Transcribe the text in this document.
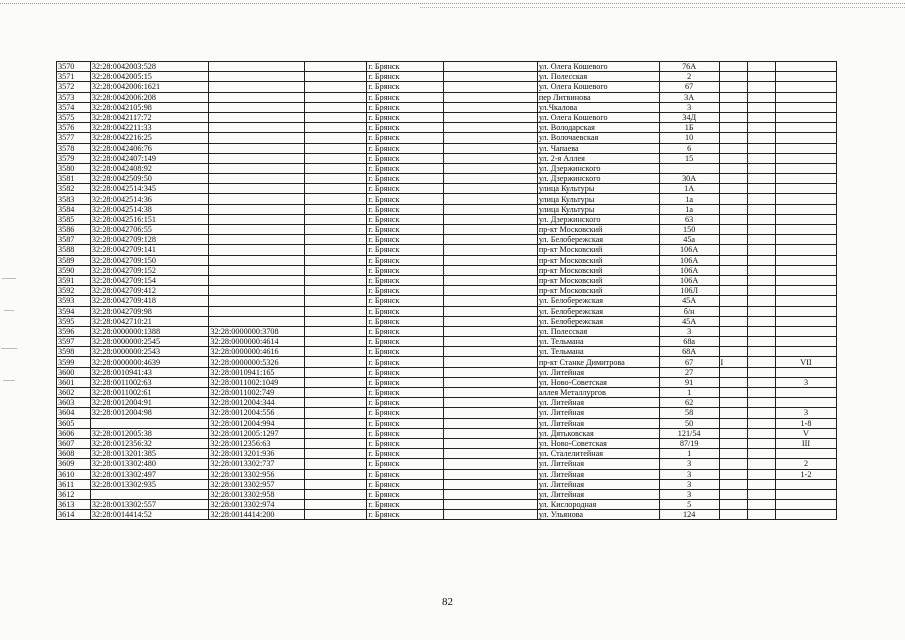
3570	32:28:0042003:528			г. Брянск		ул. Олега Кошевого	76А			
3571	32:28:0042005:15			г. Брянск		ул. Полесская	2			
3572	32:28:0042006:1621			г. Брянск		ул. Олега Кошевого	67			
3573	32:28:0042006:208			г. Брянск		пер Литвинова	3А			
3574	32:28:0042105:98			г. Брянск		ул.Чкалова	3			
3575	32:28:0042117:72			г. Брянск		ул. Олега Кошевого	34Д			
3576	32:28:0042211:33			г. Брянск		ул. Володарская	1Б			
3577	32:28:0042216:25			г. Брянск		ул. Волочаевская	10			
3578	32:28:0042406:76			г. Брянск		ул. Чапаева	6			
3579	32:28:0042407:149			г. Брянск		ул. 2-я Аллея	15			
3580	32:28:0042408:92			г. Брянск		ул. Дзержинского				
3581	32:28:0042509:50			г. Брянск		ул. Дзержинского	30А			
3582	32:28:0042514:345			г. Брянск		улица Культуры	1А			
3583	32:28:0042514:36			г. Брянск		улица Культуры	1а			
3584	32:28:0042514:38			г. Брянск		улица Культуры	1а			
3585	32:28:0042516:151			г. Брянск		ул. Дзержинского	63			
3586	32:28:0042706:55			г. Брянск		пр-кт Московский	150			
3587	32:28:0042709:128			г. Брянск		ул. Белобережская	45а			
3588	32:28:0042709:141			г. Брянск		пр-кт Московский	106А			
3589	32:28:0042709:150			г. Брянск		пр-кт Московский	106А			
3590	32:28:0042709:152			г. Брянск		пр-кт Московский	106А			
3591	32:28:0042709:154			г. Брянск		пр-кт Московский	106А			
3592	32:28:0042709:412			г. Брянск		пр-кт Московский	106Л			
3593	32:28:0042709:418			г. Брянск		ул. Белобережская	45А			
3594	32:28:0042709:98			г. Брянск		ул. Белобережская	б/н			
3595	32:28:0042710:21			г. Брянск		ул. Белобережская	45А			
3596	32:28:0000000:1388	32:28:0000000:3708		г. Брянск		ул. Полесская	3			
3597	32:28:0000000:2545	32:28:0000000:4614		г. Брянск		ул. Тельмана	68а			
3598	32:28:0000000:2543	32:28:0000000:4616		г. Брянск		ул. Тельмана	68А			
3599	32:28:0000000:4639	32:28:0000000:5326		г. Брянск		пр-кт Станке Димитрова	67	I		VII
3600	32:28:0010941:43	32:28:0010941:165		г. Брянск		ул. Литейная	27			
3601	32:28:0011002:63	32:28:0011002:1049		г. Брянск		ул. Ново-Советская	91			3
3602	32:28:0011002:61	32:28:0011002:749		г. Брянск		аллея Металлургов	1			
3603	32:28:0012004:91	32:28:0012004:344		г. Брянск		ул. Литейная	62			
3604	32:28:0012004:98	32:28:0012004:556		г. Брянск		ул. Литейная	58			3
3605		32:28:0012004:994		г. Брянск		ул. Литейная	50			1-8
3606	32:28:0012005:38	32:28:0012005:1297		г. Брянск		ул. Дятьковская	121/54			V
3607	32:28:0012356:32	32:28:0012356:63		г. Брянск		ул. Ново-Советская	87/19			III
3608	32:28:0013201:385	32:28:0013201:936		г. Брянск		ул. Сталелитейная	1			
3609	32:28:0013302:480	32:28:0013302:737		г. Брянск		ул. Литейная	3			2
3610	32:28:0013302:497	32:28:0013302:956		г. Брянск		ул. Литейная	3			1-2
3611	32:28:0013302:935	32:28:0013302:957		г. Брянск		ул. Литейная	3			
3612		32:28:0013302:958		г. Брянск		ул. Литейная	3			
3613	32:28:0013302:557	32:28:0013302:974		г. Брянск		ул. Кислородная	5			
3614	32:28:0014414:52	32:28:0014414:200		г. Брянск		ул. Ульянова	124			
82
